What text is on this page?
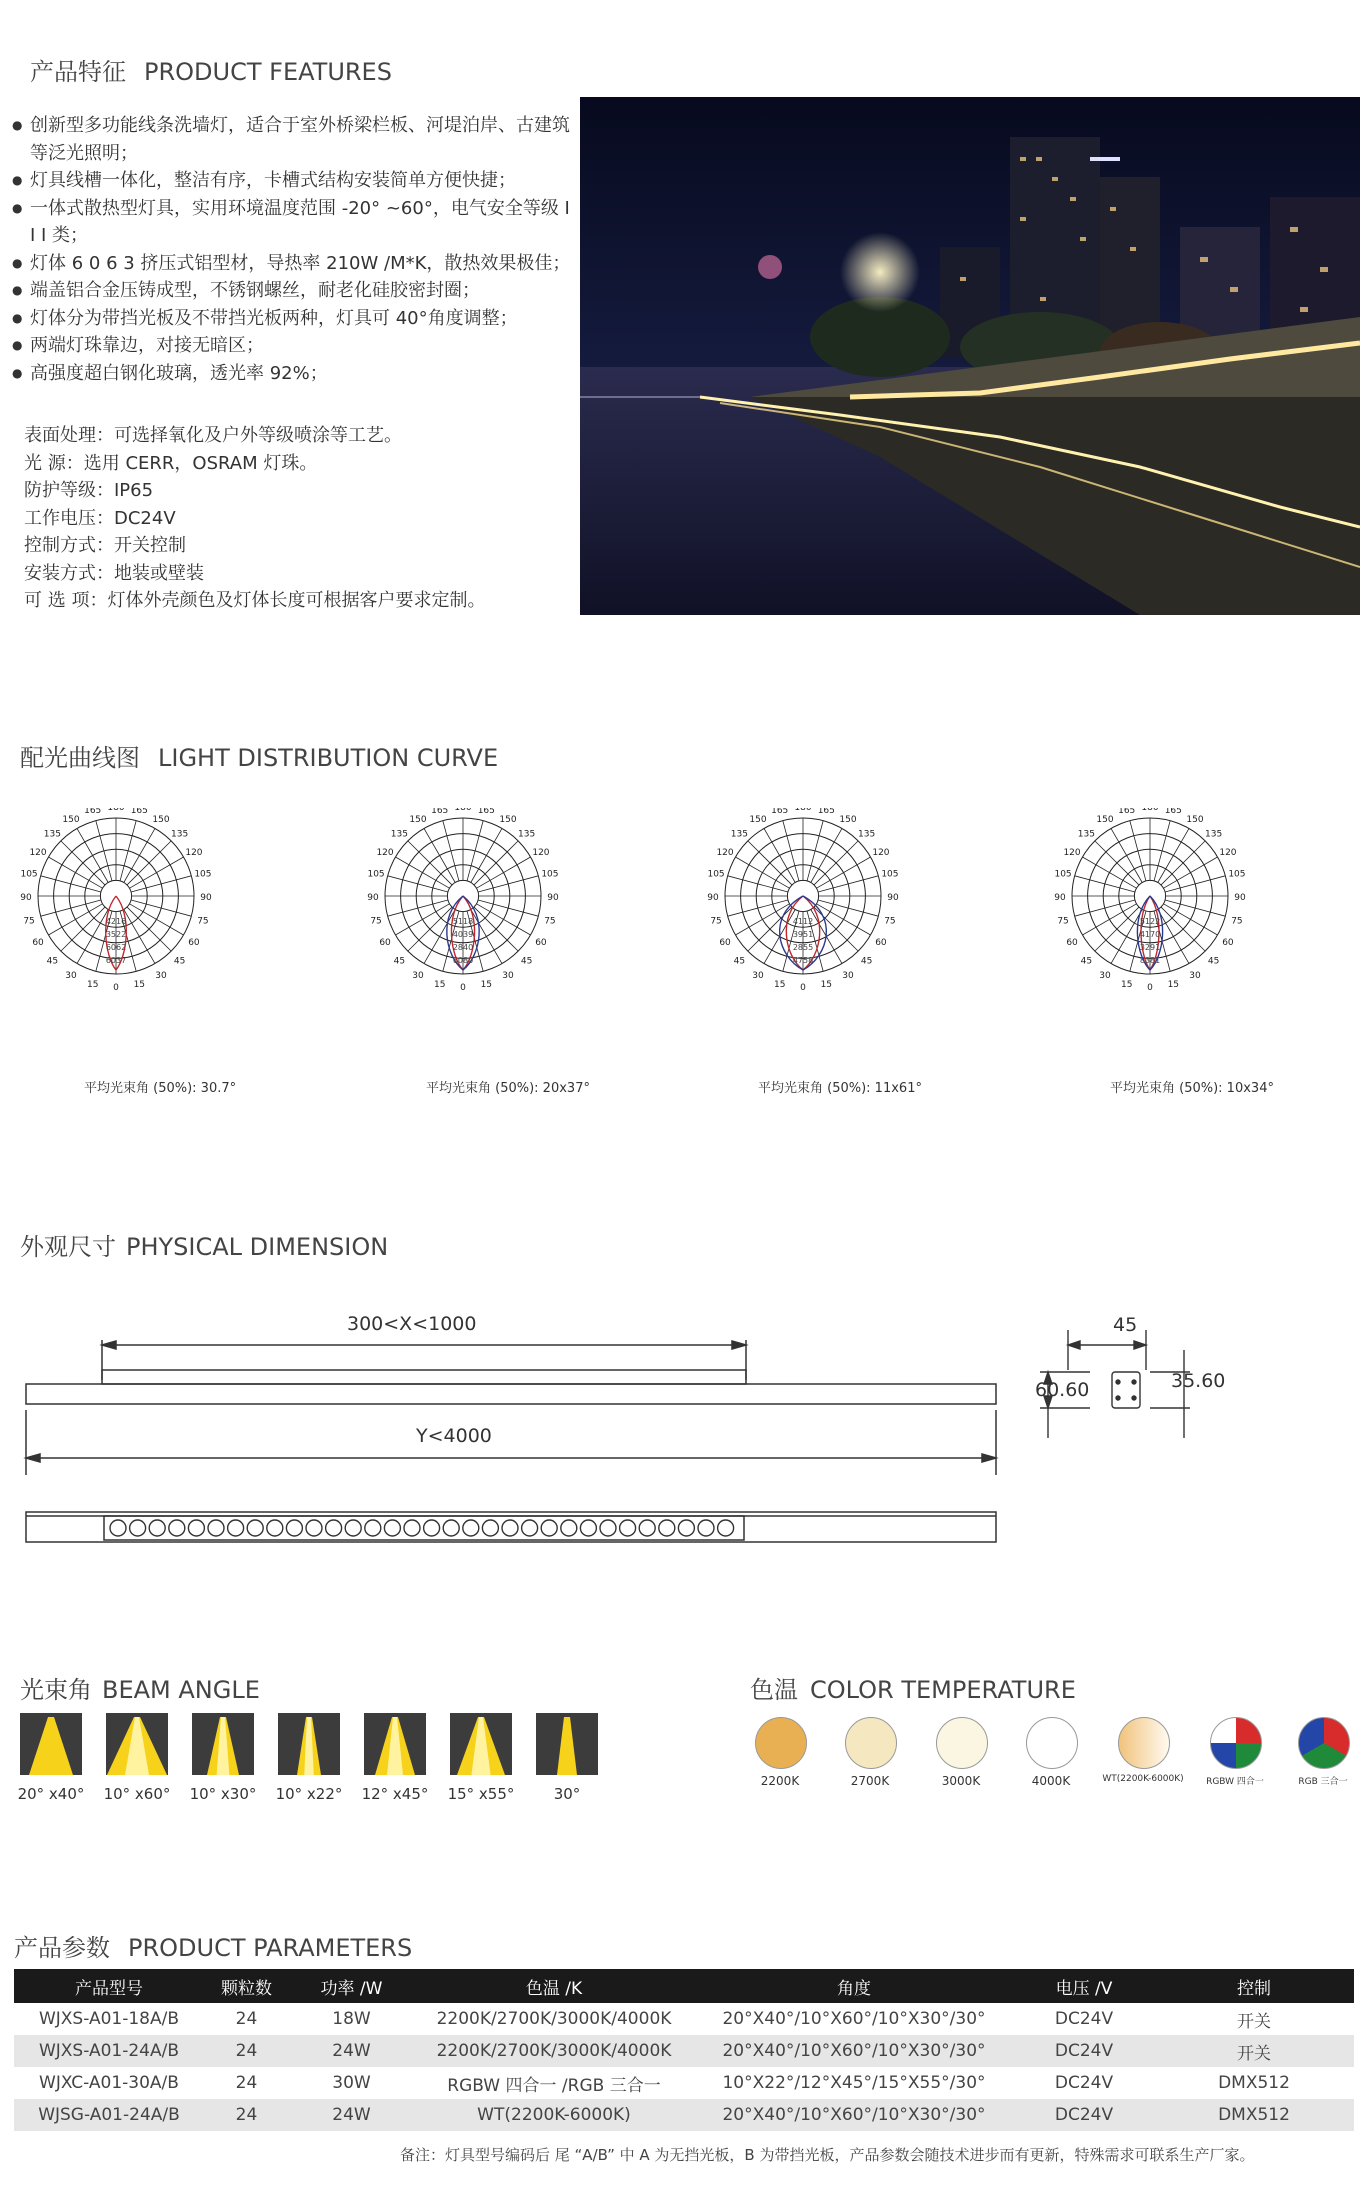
产品特征 PRODUCT FEATURES
● 创新型多功能线条洗墙灯，适合于室外桥梁栏板、河堤泊岸、古建筑等泛光照明；
● 灯具线槽一体化，整洁有序，卡槽式结构安装简单方便快捷；
● 一体式散热型灯具，实用环境温度范围 -20° ~60°，电气安全等级 I I I 类；
● 灯体 6 0 6 3 挤压式铝型材，导热率 210W /M*K，散热效果极佳；
● 端盖铝合金压铸成型，不锈钢螺丝，耐老化硅胶密封圈；
● 灯体分为带挡光板及不带挡光板两种，灯具可 40°角度调整；
● 两端灯珠靠边，对接无暗区；
● 高强度超白钢化玻璃，透光率 92%；
表面处理：可选择氧化及户外等级喷涂等工艺。
光 源：选用 CERR，OSRAM 灯珠。
防护等级：IP65
工作电压：DC24V
控制方式：开关控制
安装方式：地装或壁装
可 选 项：灯体外壳颜色及灯体长度可根据客户要求定制。
配光曲线图 LIGHT DISTRIBUTION CURVE
180 165
165
150
150
135
135
120
120
105
105
90
90
75
75
60
60
45
45
30
30
15
15 0
4216
3522
6062
6037
180 165
165
150
150
135
135
120
120
105
105
90
90
75
75
60
60
45
45
30
30
15
15 0
5118
4039
2840
6080
180 165
165
150
150
135
135
120
120
105
105
90
90
75
75
60
60
45
45
30
30
15
15 0
4112
3951
2855
4758
180 165
165
150
150
135
135
120
120
105
105
90
90
75
75
60
60
45
45
30
30
15
15 0
5122
4170
3291
8381
平均光束角 (50%): 30.7°	平均光束角 (50%): 20x37°	平均光束角 (50%): 11x61°	平均光束角 (50%): 10x34°
外观尺寸 PHYSICAL DIMENSION
300<X<1000
Y<4000
45
60.60	35.60
光束角 BEAM ANGLE	色温 COLOR TEMPERATURE
产品参数 PRODUCT PARAMETERS
产品型号	颗粒数	功率 /W	色温 /K	角度	电压 /V	控制
WJXS-A01-18A/B	24	18W	2200K/2700K/3000K/4000K	20°X40°/10°X60°/10°X30°/30°	DC24V	开关
WJXS-A01-24A/B	24	24W	2200K/2700K/3000K/4000K	20°X40°/10°X60°/10°X30°/30°	DC24V	开关
WJXC-A01-30A/B	24	30W	RGBW 四合一 /RGB 三合一	10°X22°/12°X45°/15°X55°/30°	DC24V	DMX512
WJSG-A01-24A/B	24	24W	WT(2200K-6000K)	20°X40°/10°X60°/10°X30°/30°	DC24V	DMX512
备注：灯具型号编码后 尾 “A/B” 中 A 为无挡光板，B 为带挡光板，产品参数会随技术进步而有更新，特殊需求可联系生产厂家。
20° x40°	10° x60°	10° x30°	10° x22°	12° x45°	15° x55°	30°
2200K	2700K	3000K	4000K	WT(2200K-6000K)	RGBW 四合一	RGB 三合一
